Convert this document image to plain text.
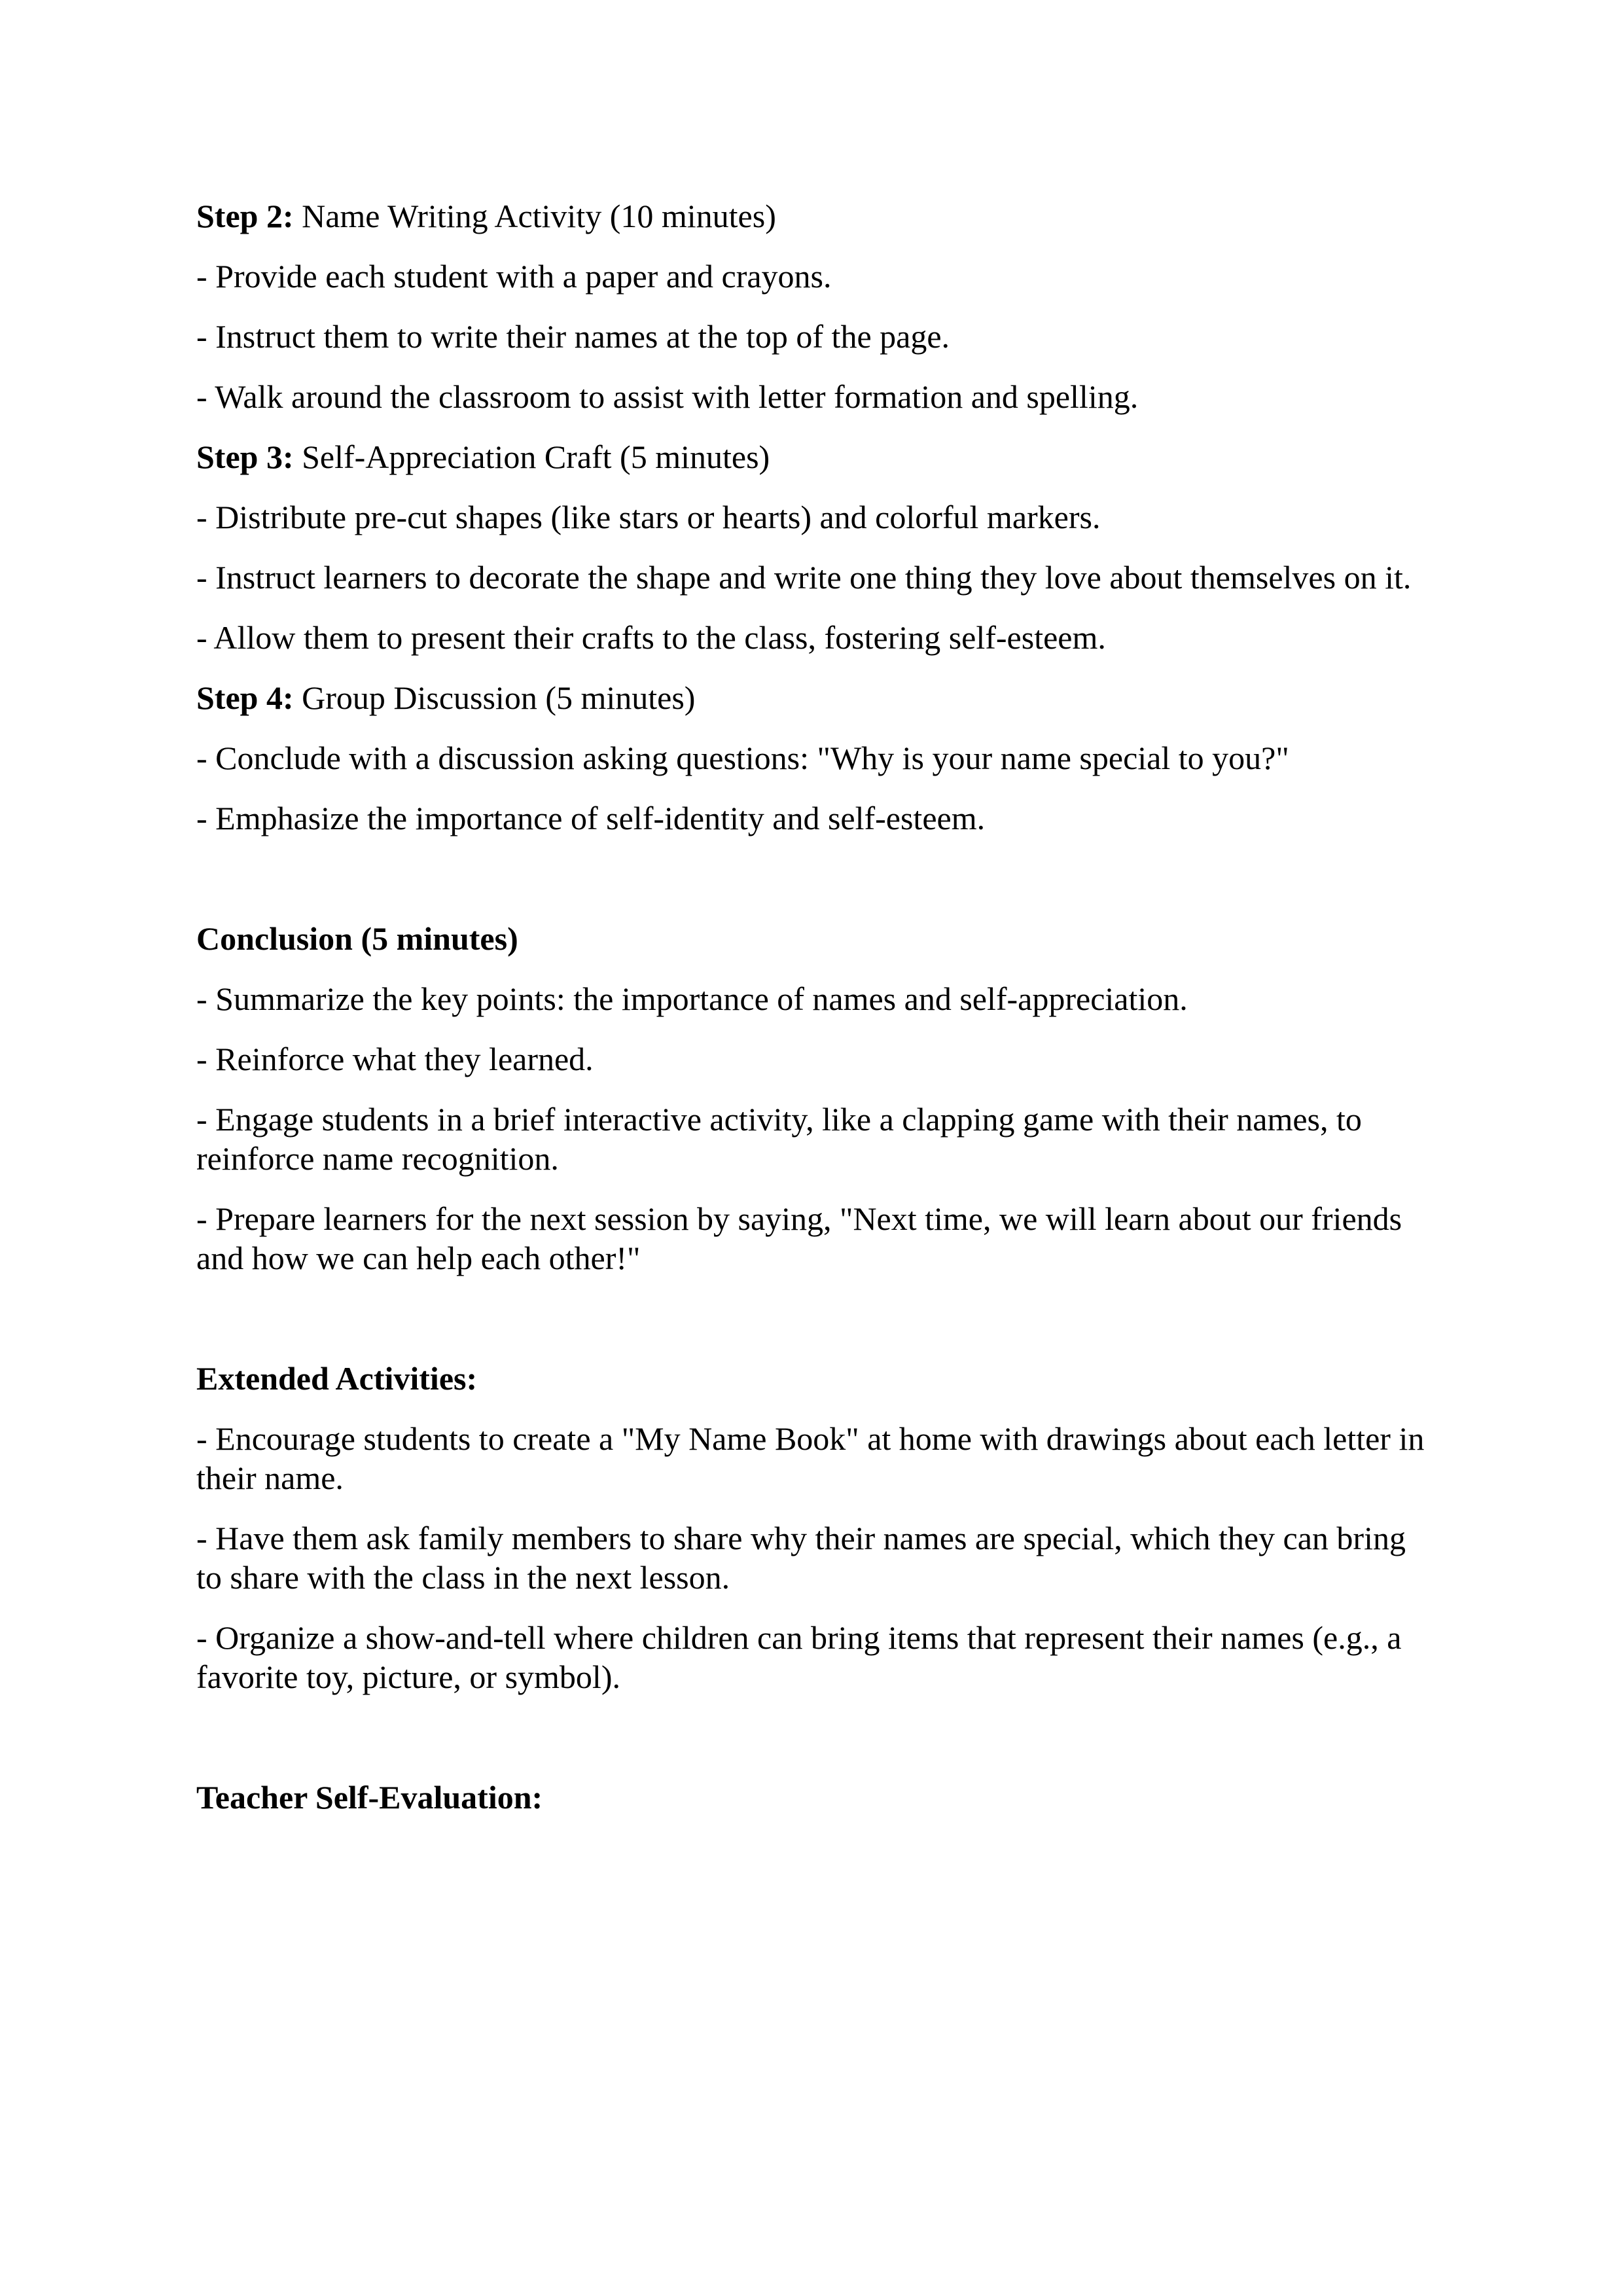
Step 2: Name Writing Activity (10 minutes)

- Provide each student with a paper and crayons.

- Instruct them to write their names at the top of the page.

- Walk around the classroom to assist with letter formation and spelling.

Step 3: Self-Appreciation Craft (5 minutes)

- Distribute pre-cut shapes (like stars or hearts) and colorful markers.

- Instruct learners to decorate the shape and write one thing they love about themselves on it.

- Allow them to present their crafts to the class, fostering self-esteem.

Step 4: Group Discussion (5 minutes)

- Conclude with a discussion asking questions: "Why is your name special to you?"

- Emphasize the importance of self-identity and self-esteem.

Conclusion (5 minutes)

- Summarize the key points: the importance of names and self-appreciation.

- Reinforce what they learned.

- Engage students in a brief interactive activity, like a clapping game with their names, to reinforce name recognition.

- Prepare learners for the next session by saying, "Next time, we will learn about our friends and how we can help each other!"

Extended Activities:

- Encourage students to create a "My Name Book" at home with drawings about each letter in their name.

- Have them ask family members to share why their names are special, which they can bring to share with the class in the next lesson.

- Organize a show-and-tell where children can bring items that represent their names (e.g., a favorite toy, picture, or symbol).

Teacher Self-Evaluation:
